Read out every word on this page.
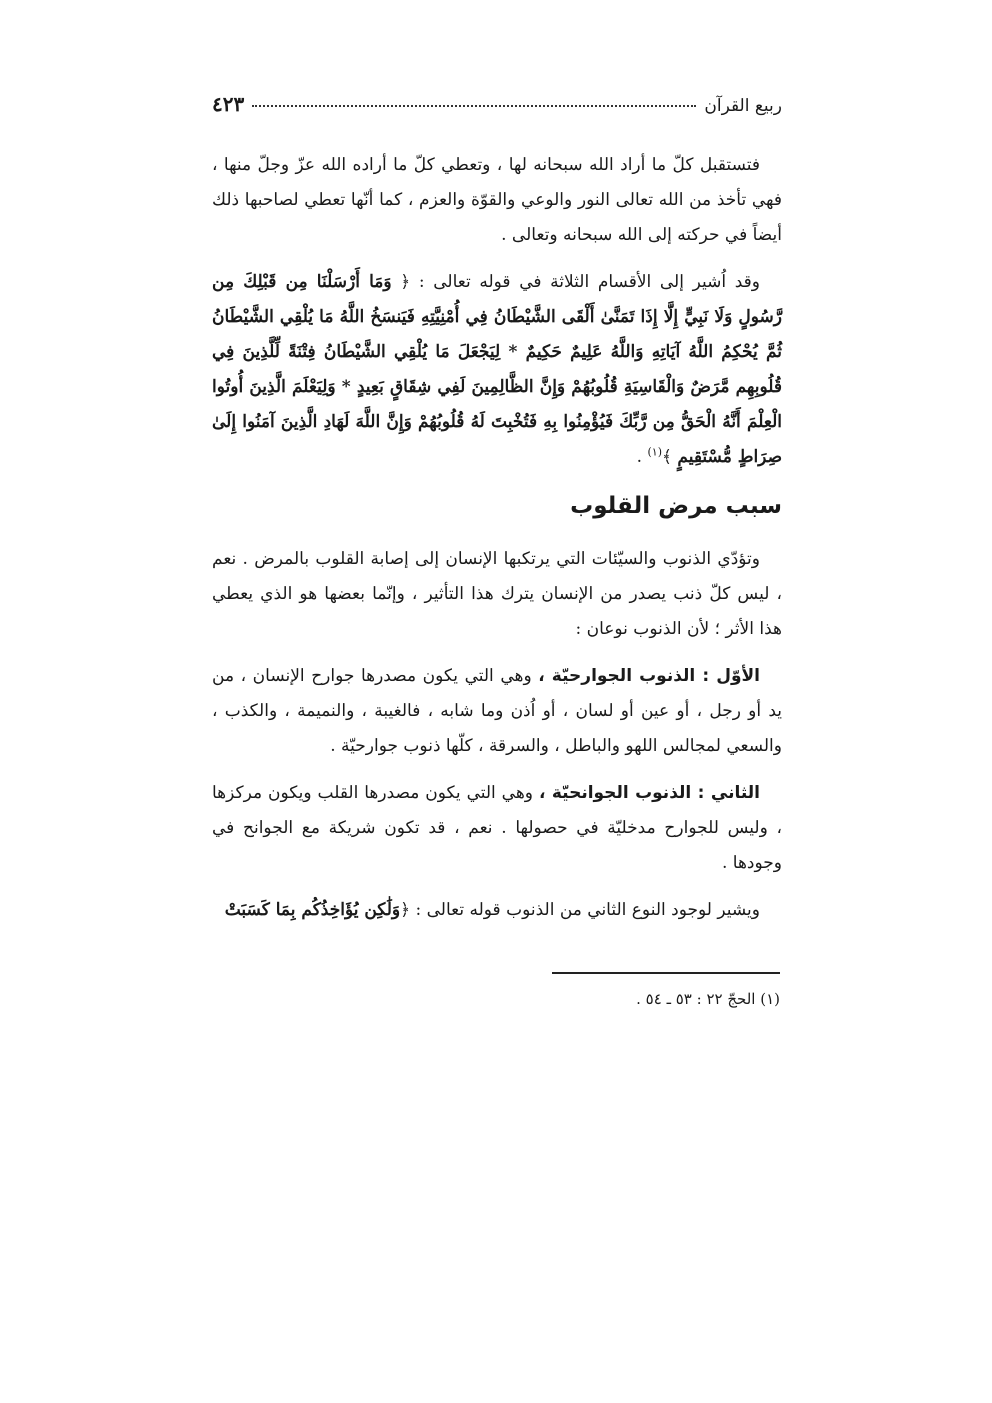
ربيع القرآن
٤٢٣

فتستقبل كلّ ما أراد الله سبحانه لها ، وتعطي كلّ ما أراده الله عزّ وجلّ منها ، فهي تأخذ من الله تعالى النور والوعي والقوّة والعزم ، كما أنّها تعطي لصاحبها ذلك أيضاً في حركته إلى الله سبحانه وتعالى .

وقد اُشير إلى الأقسام الثلاثة في قوله تعالى : ﴿ وَمَا أَرْسَلْنَا مِن قَبْلِكَ مِن رَّسُولٍ وَلَا نَبِيٍّ إِلَّا إِذَا تَمَنَّىٰ أَلْقَى الشَّيْطَانُ فِي أُمْنِيَّتِهِ فَيَنسَخُ اللَّهُ مَا يُلْقِي الشَّيْطَانُ ثُمَّ يُحْكِمُ اللَّهُ آيَاتِهِ وَاللَّهُ عَلِيمٌ حَكِيمٌ * لِيَجْعَلَ مَا يُلْقِي الشَّيْطَانُ فِتْنَةً لِّلَّذِينَ فِي قُلُوبِهِم مَّرَضٌ وَالْقَاسِيَةِ قُلُوبُهُمْ وَإِنَّ الظَّالِمِينَ لَفِي شِقَاقٍ بَعِيدٍ * وَلِيَعْلَمَ الَّذِينَ أُوتُوا الْعِلْمَ أَنَّهُ الْحَقُّ مِن رَّبِّكَ فَيُؤْمِنُوا بِهِ فَتُخْبِتَ لَهُ قُلُوبُهُمْ وَإِنَّ اللَّهَ لَهَادِ الَّذِينَ آمَنُوا إِلَىٰ صِرَاطٍ مُّسْتَقِيمٍ ﴾$^{(١)}$ .

سبب مرض القلوب

وتؤدّي الذنوب والسيّئات التي يرتكبها الإنسان إلى إصابة القلوب بالمرض . نعم ، ليس كلّ ذنب يصدر من الإنسان يترك هذا التأثير ، وإنّما بعضها هو الذي يعطي هذا الأثر ؛ لأن الذنوب نوعان :

الأوّل : الذنوب الجوارحيّة ، وهي التي يكون مصدرها جوارح الإنسان ، من يد أو رجل ، أو عين أو لسان ، أو اُذن وما شابه ، فالغيبة ، والنميمة ، والكذب ، والسعي لمجالس اللهو والباطل ، والسرقة ، كلّها ذنوب جوارحيّة .

الثاني : الذنوب الجوانحيّة ، وهي التي يكون مصدرها القلب ويكون مركزها ، وليس للجوارح مدخليّة في حصولها . نعم ، قد تكون شريكة مع الجوانح في وجودها .

ويشير لوجود النوع الثاني من الذنوب قوله تعالى : ﴿وَلَٰكِن يُؤَاخِذُكُم بِمَا كَسَبَتْ

(١) الحجّ ٢٢ : ٥٣ ـ ٥٤ .
